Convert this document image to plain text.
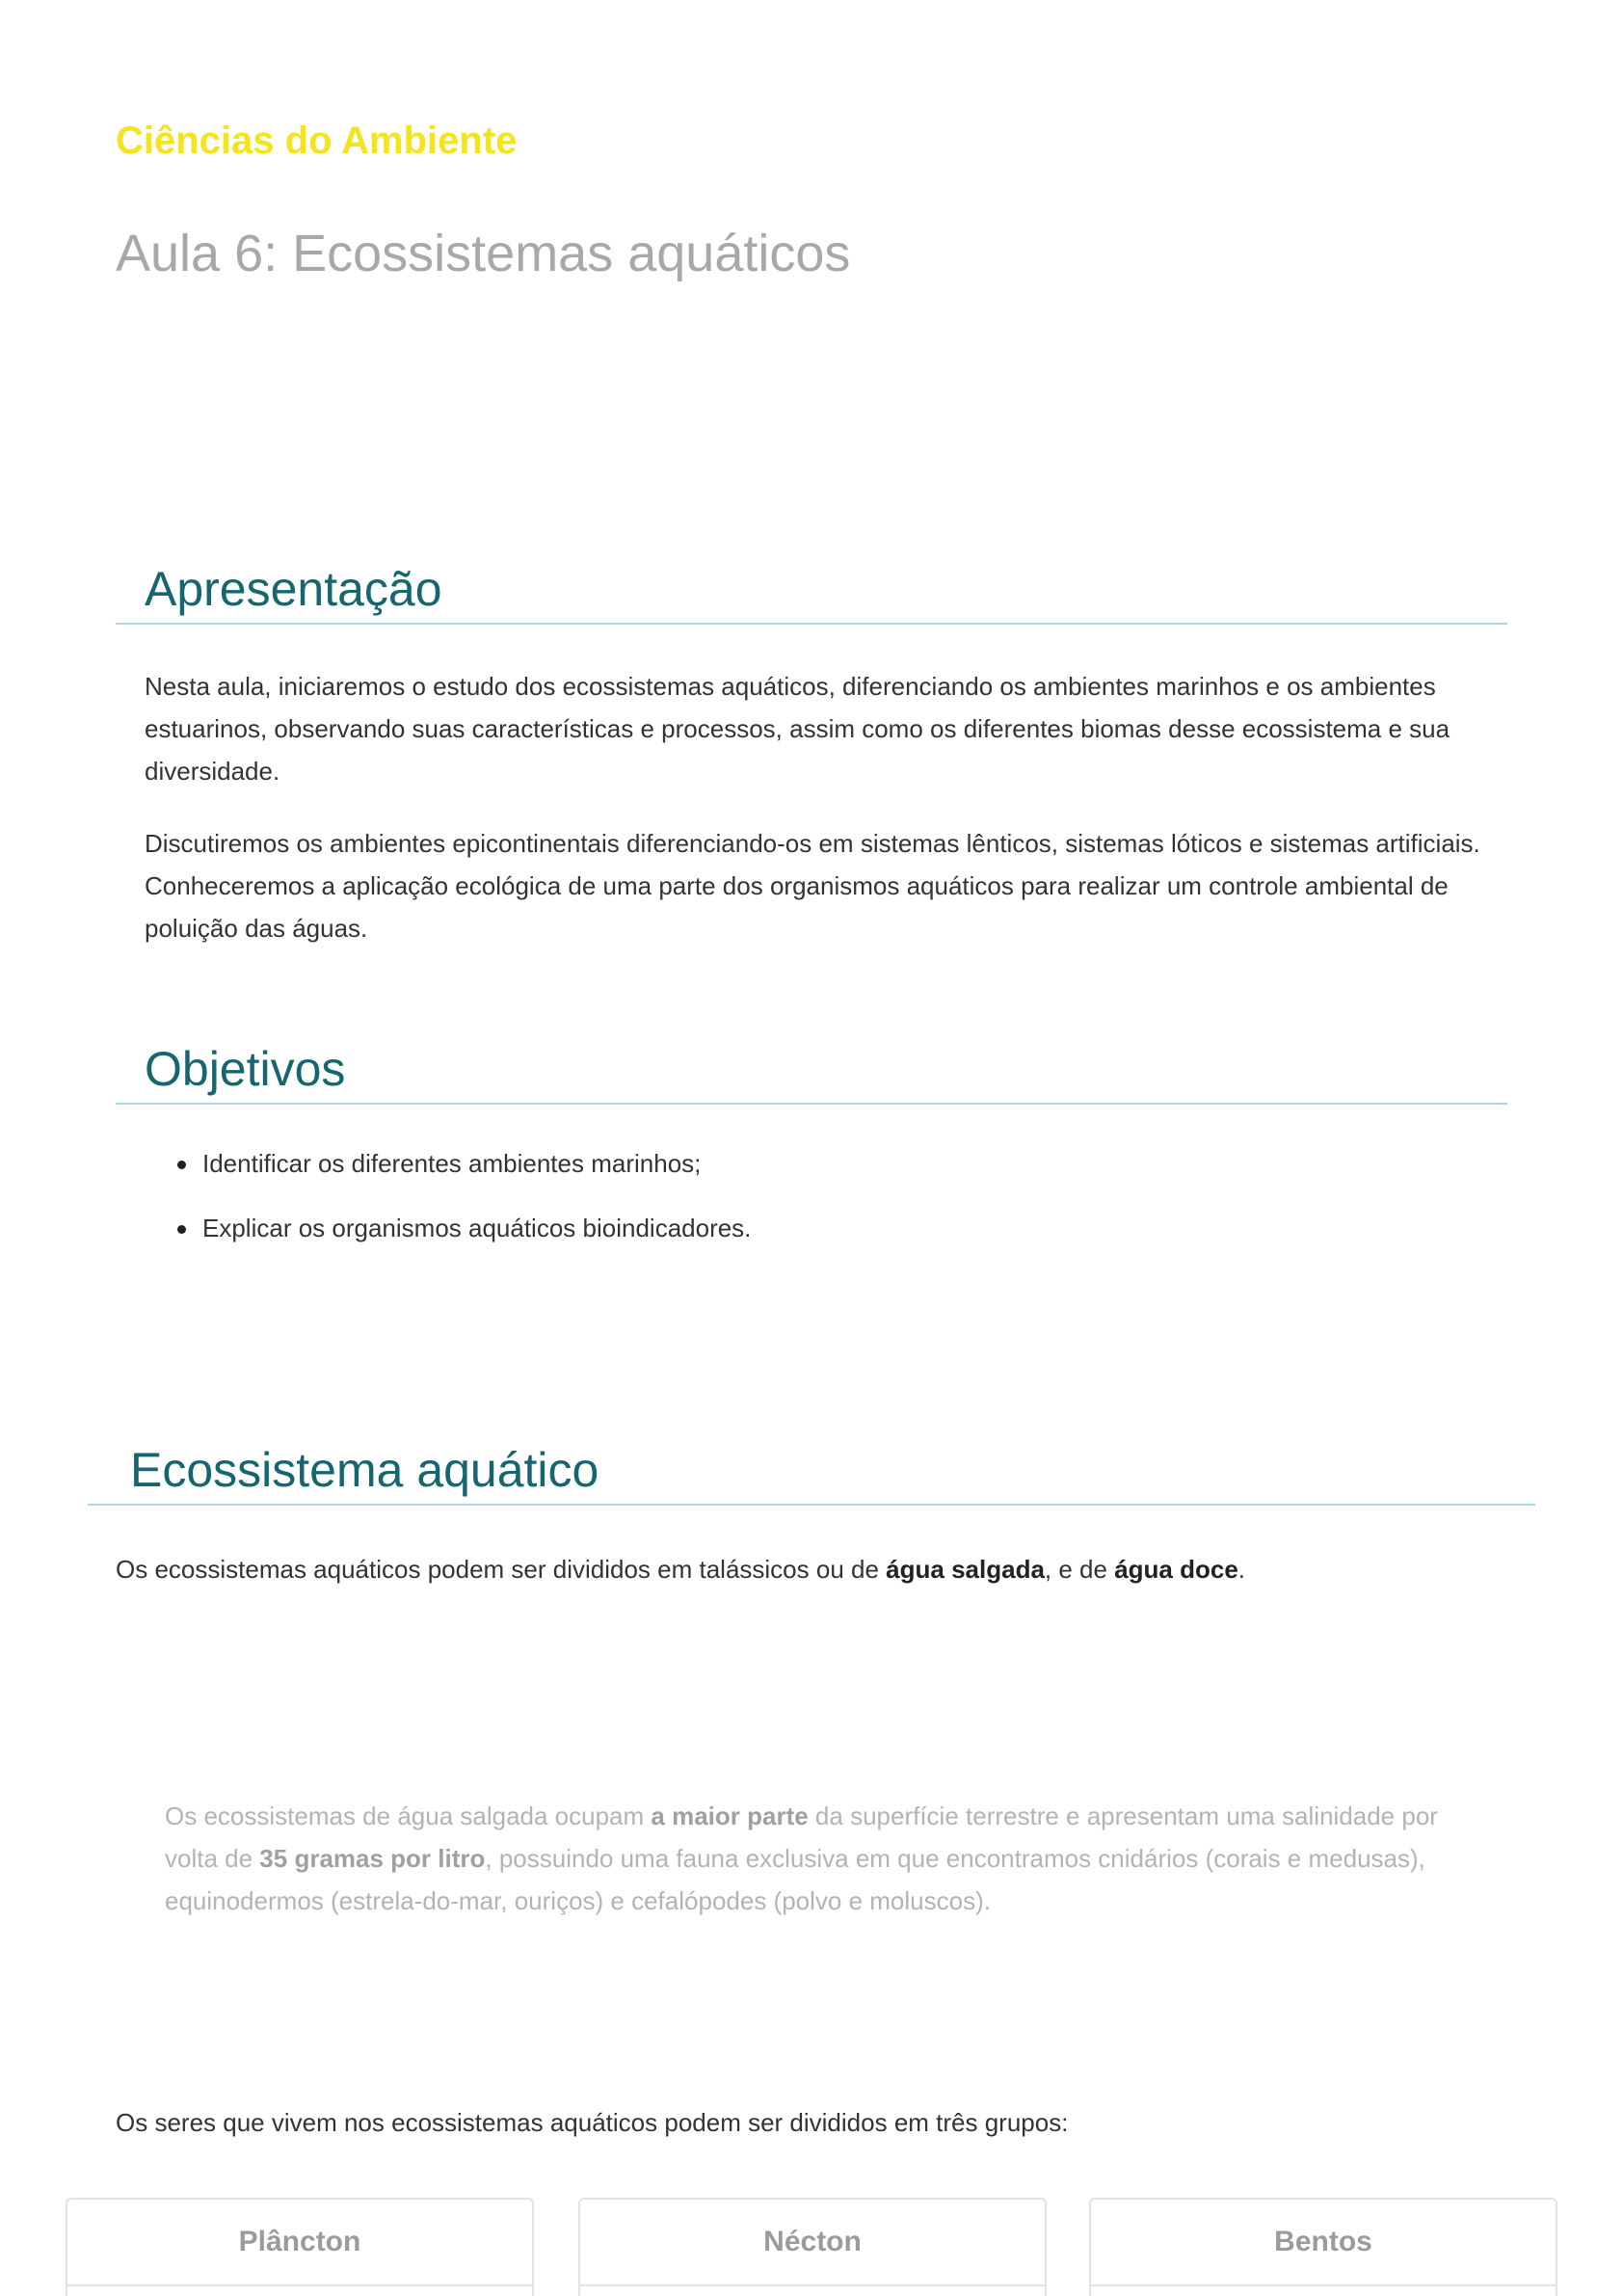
Ciências do Ambiente
Aula 6: Ecossistemas aquáticos
Apresentação

Nesta aula, iniciaremos o estudo dos ecossistemas aquáticos, diferenciando os ambientes marinhos e os ambientes estuarinos, observando suas características e processos, assim como os diferentes biomas desse ecossistema e sua diversidade.

Discutiremos os ambientes epicontinentais diferenciando-os em sistemas lênticos, sistemas lóticos e sistemas artificiais. Conheceremos a aplicação ecológica de uma parte dos organismos aquáticos para realizar um controle ambiental de poluição das águas.

Objetivos
Identificar os diferentes ambientes marinhos;
Explicar os organismos aquáticos bioindicadores.
Ecossistema aquático

Os ecossistemas aquáticos podem ser divididos em talássicos ou de água salgada, e de água doce.

Os ecossistemas de água salgada ocupam a maior parte da superfície terrestre e apresentam uma salinidade por volta de 35 gramas por litro, possuindo uma fauna exclusiva em que encontramos cnidários (corais e medusas), equinodermos (estrela-do-mar, ouriços) e cefalópodes (polvo e moluscos).

Os seres que vivem nos ecossistemas aquáticos podem ser divididos em três grupos:

Plâncton	Nécton	Bentos
